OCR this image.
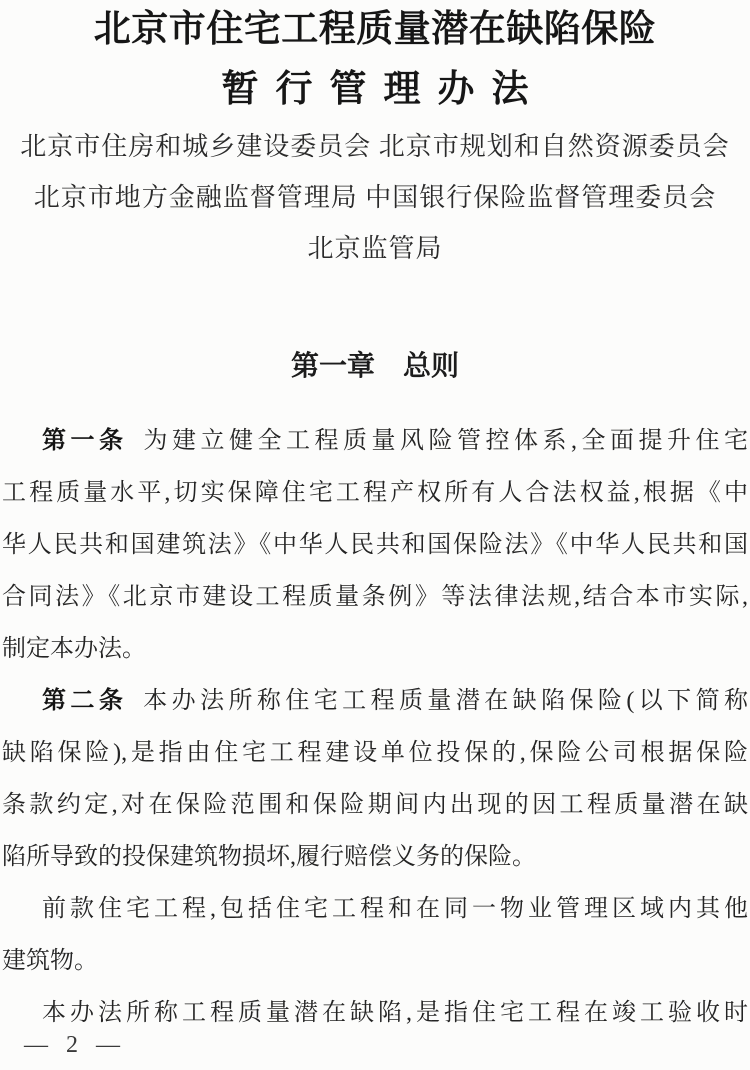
北京市住宅工程质量潜在缺陷保险
暂行管理办法
北京市住房和城乡建设委员会 北京市规划和自然资源委员会
北京市地方金融监督管理局 中国银行保险监督管理委员会
北京监管局
第一章　总则
第一条 为建立健全工程质量风险管控体系,全面提升住宅
工程质量水平,切实保障住宅工程产权所有人合法权益,根据《中
华人民共和国建筑法》《中华人民共和国保险法》《中华人民共和国
合同法》《北京市建设工程质量条例》等法律法规,结合本市实际,
制定本办法。
第二条 本办法所称住宅工程质量潜在缺陷保险(以下简称
缺陷保险),是指由住宅工程建设单位投保的,保险公司根据保险
条款约定,对在保险范围和保险期间内出现的因工程质量潜在缺
陷所导致的投保建筑物损坏,履行赔偿义务的保险。
前款住宅工程,包括住宅工程和在同一物业管理区域内其他
建筑物。
本办法所称工程质量潜在缺陷,是指住宅工程在竣工验收时
— 2 —
